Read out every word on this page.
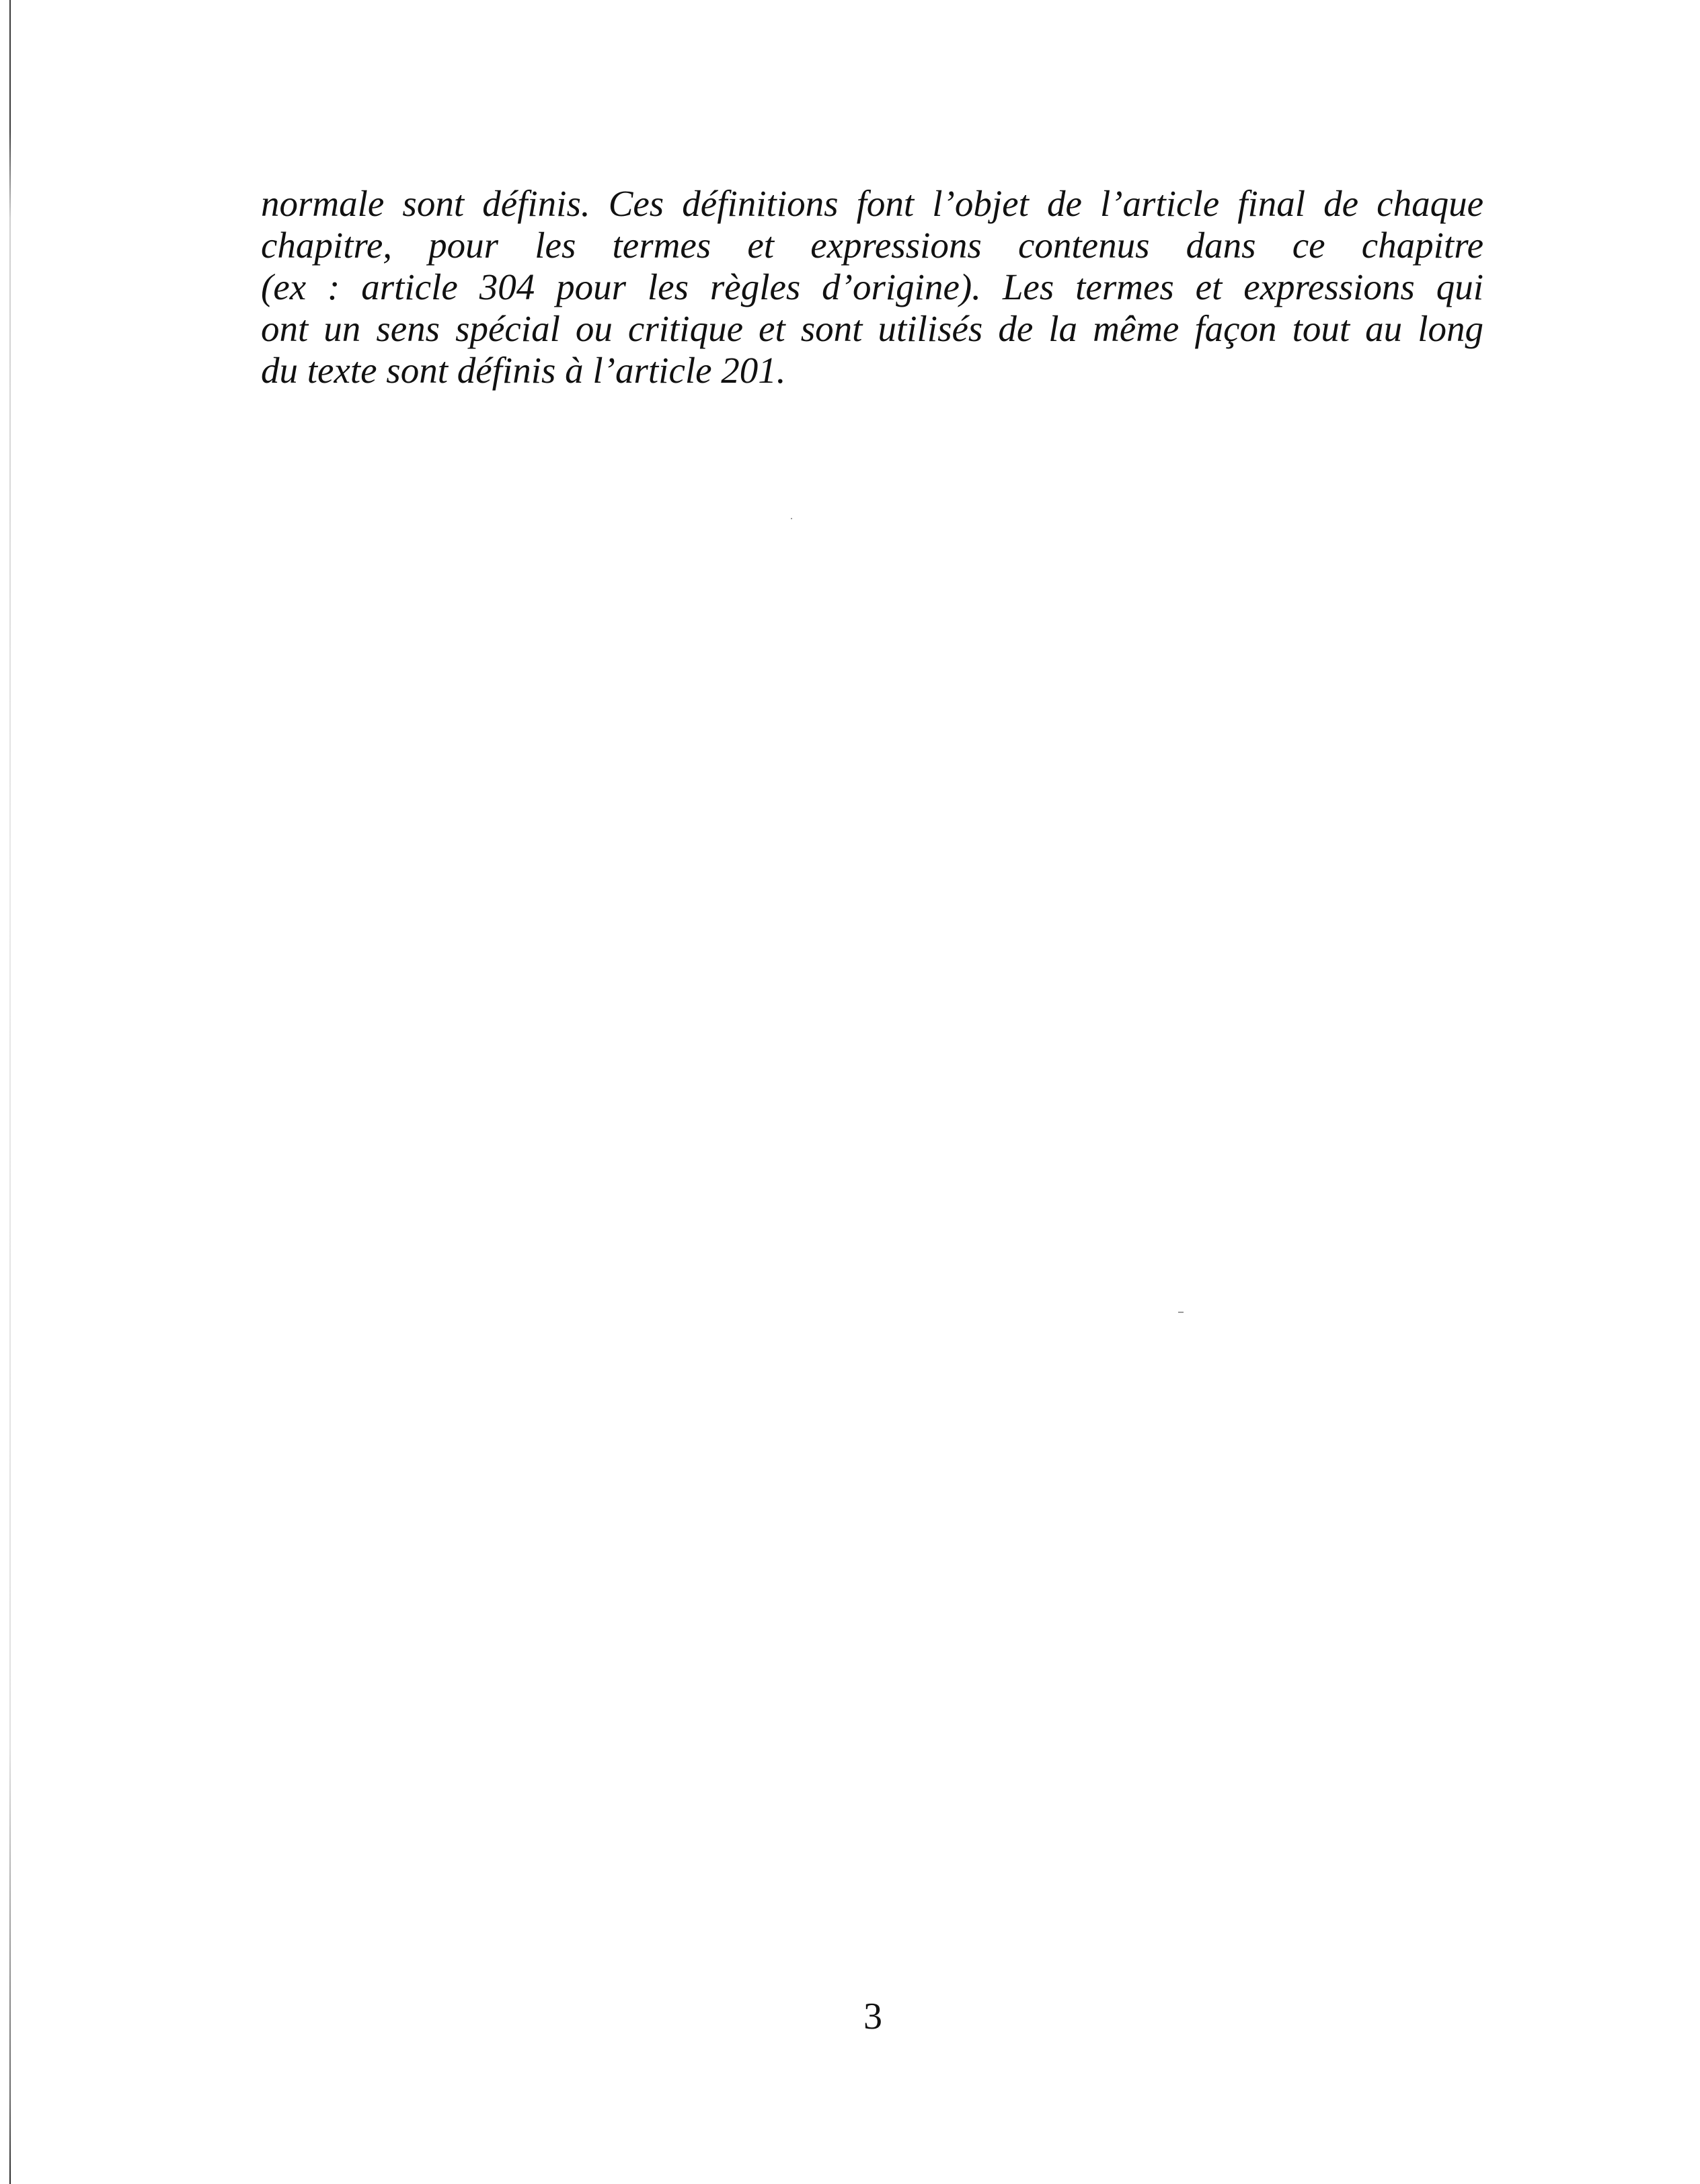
normale sont définis. Ces définitions font l’objet de l’article final de chaque
chapitre, pour les termes et expressions contenus dans ce chapitre
(ex : article 304 pour les règles d’origine). Les termes et expressions qui
ont un sens spécial ou critique et sont utilisés de la même façon tout au long
du texte sont définis à l’article 201.
3
